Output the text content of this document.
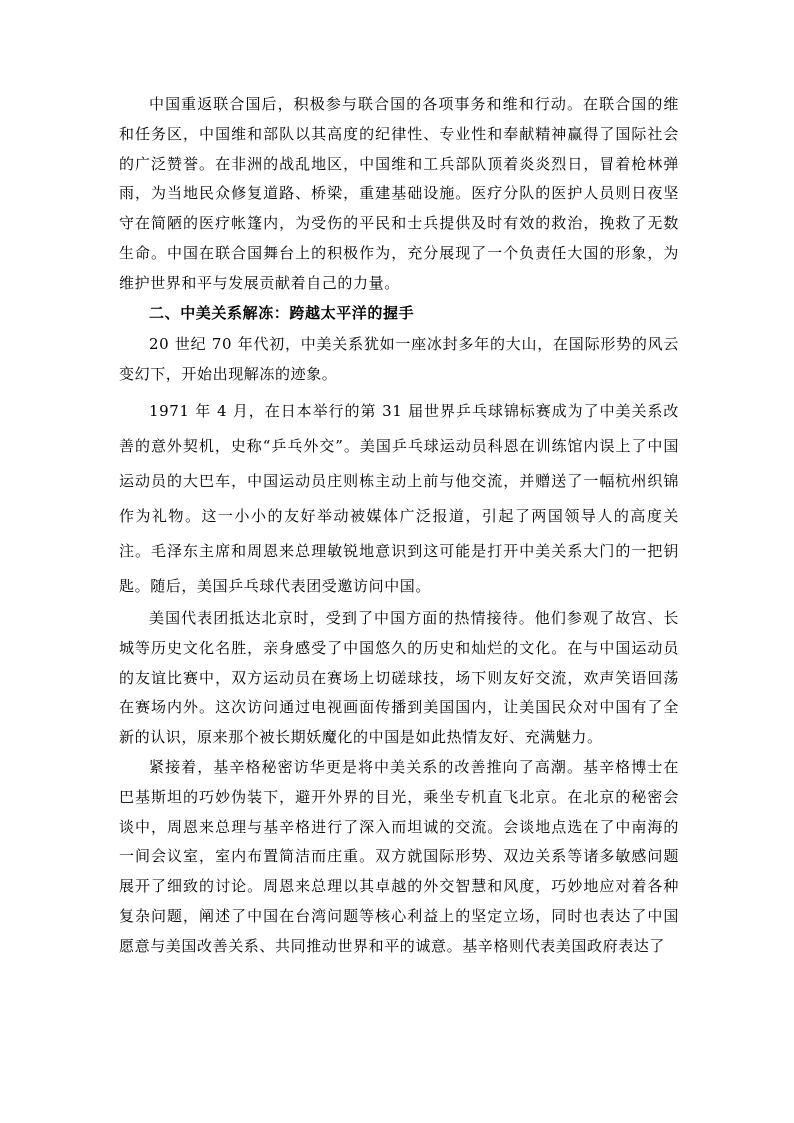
中国重返联合国后，积极参与联合国的各项事务和维和行动。在联合国的维和任务区，中国维和部队以其高度的纪律性、专业性和奉献精神赢得了国际社会的广泛赞誉。在非洲的战乱地区，中国维和工兵部队顶着炎炎烈日，冒着枪林弹雨，为当地民众修复道路、桥梁，重建基础设施。医疗分队的医护人员则日夜坚守在简陋的医疗帐篷内，为受伤的平民和士兵提供及时有效的救治，挽救了无数生命。中国在联合国舞台上的积极作为，充分展现了一个负责任大国的形象，为维护世界和平与发展贡献着自己的力量。

二、中美关系解冻：跨越太平洋的握手

20 世纪 70 年代初，中美关系犹如一座冰封多年的大山，在国际形势的风云变幻下，开始出现解冻的迹象。

1971 年 4 月，在日本举行的第 31 届世界乒乓球锦标赛成为了中美关系改善的意外契机，史称“乒乓外交”。美国乒乓球运动员科恩在训练馆内误上了中国运动员的大巴车，中国运动员庄则栋主动上前与他交流，并赠送了一幅杭州织锦作为礼物。这一小小的友好举动被媒体广泛报道，引起了两国领导人的高度关注。毛泽东主席和周恩来总理敏锐地意识到这可能是打开中美关系大门的一把钥匙。随后，美国乒乓球代表团受邀访问中国。

美国代表团抵达北京时，受到了中国方面的热情接待。他们参观了故宫、长城等历史文化名胜，亲身感受了中国悠久的历史和灿烂的文化。在与中国运动员的友谊比赛中，双方运动员在赛场上切磋球技，场下则友好交流，欢声笑语回荡在赛场内外。这次访问通过电视画面传播到美国国内，让美国民众对中国有了全新的认识，原来那个被长期妖魔化的中国是如此热情友好、充满魅力。

紧接着，基辛格秘密访华更是将中美关系的改善推向了高潮。基辛格博士在巴基斯坦的巧妙伪装下，避开外界的目光，乘坐专机直飞北京。在北京的秘密会谈中，周恩来总理与基辛格进行了深入而坦诚的交流。会谈地点选在了中南海的一间会议室，室内布置简洁而庄重。双方就国际形势、双边关系等诸多敏感问题展开了细致的讨论。周恩来总理以其卓越的外交智慧和风度，巧妙地应对着各种复杂问题，阐述了中国在台湾问题等核心利益上的坚定立场，同时也表达了中国愿意与美国改善关系、共同推动世界和平的诚意。基辛格则代表美国政府表达了
